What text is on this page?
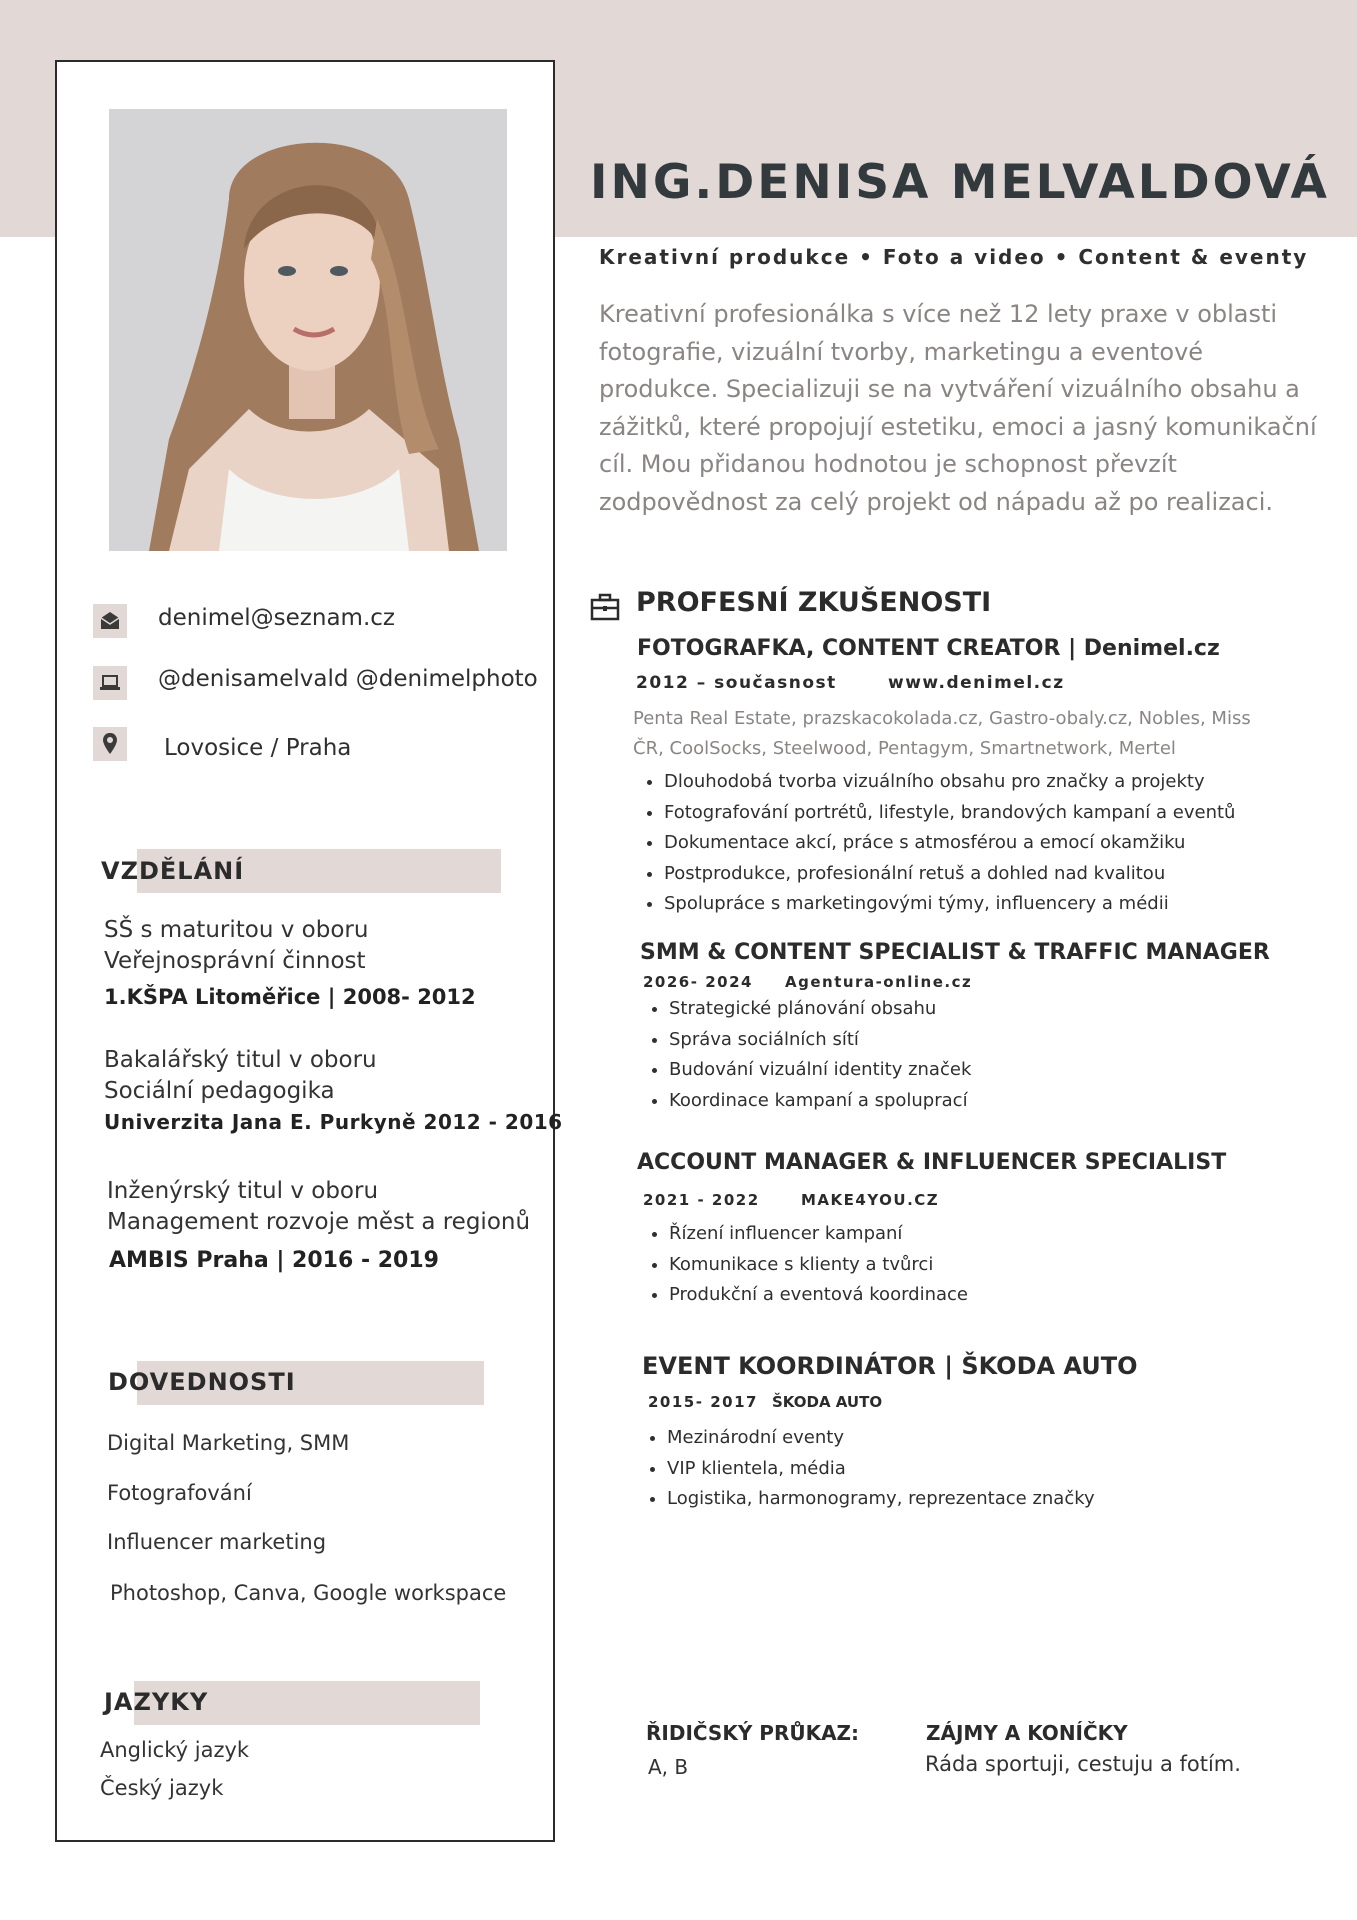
ING.DENISA MELVALDOVÁ
Kreativní produkce • Foto a video • Content & eventy
Kreativní profesionálka s více než 12 lety praxe v oblasti fotografie, vizuální tvorby, marketingu a eventové produkce. Specializuji se na vytváření vizuálního obsahu a zážitků, které propojují estetiku, emoci a jasný komunikační cíl. Mou přidanou hodnotou je schopnost převzít zodpovědnost za celý projekt od nápadu až po realizaci.
denimel@seznam.cz
@denisamelvald @denimelphoto
Lovosice / Praha
VZDĚLÁNÍ
SŠ s maturitou v oboru
Veřejnosprávní činnost
1.KŠPA Litoměřice | 2008- 2012
Bakalářský titul v oboru
Sociální pedagogika
Univerzita Jana E. Purkyně 2012 - 2016
Inženýrský titul v oboru
Management rozvoje měst a regionů
AMBIS Praha | 2016 - 2019
DOVEDNOSTI
Digital Marketing, SMM
Fotografování
Influencer marketing
Photoshop, Canva, Google workspace
JAZYKY
Anglický jazyk
Český jazyk
PROFESNÍ ZKUŠENOSTI
FOTOGRAFKA, CONTENT CREATOR | Denimel.cz
2012 – současnost	www.denimel.cz
Penta Real Estate, prazskacokolada.cz, Gastro-obaly.cz, Nobles, Miss ČR, CoolSocks, Steelwood, Pentagym, Smartnetwork, Mertel
• Dlouhodobá tvorba vizuálního obsahu pro značky a projekty
• Fotografování portrétů, lifestyle, brandových kampaní a eventů
• Dokumentace akcí, práce s atmosférou a emocí okamžiku
• Postprodukce, profesionální retuš a dohled nad kvalitou
• Spolupráce s marketingovými týmy, influencery a médii
SMM & CONTENT SPECIALIST & TRAFFIC MANAGER
2026- 2024 Agentura-online.cz
• Strategické plánování obsahu
• Správa sociálních sítí
• Budování vizuální identity značek
• Koordinace kampaní a spoluprací
ACCOUNT MANAGER & INFLUENCER SPECIALIST
2021 - 2022	MAKE4YOU.CZ
• Řízení influencer kampaní
• Komunikace s klienty a tvůrci
• Produkční a eventová koordinace
EVENT KOORDINÁTOR | ŠKODA AUTO
2015- 2017 ŠKODA AUTO
• Mezinárodní eventy
• VIP klientela, média
• Logistika, harmonogramy, reprezentace značky
ŘIDIČSKÝ PRŮKAZ:
A, B
ZÁJMY A KONÍČKY
Ráda sportuji, cestuju a fotím.
